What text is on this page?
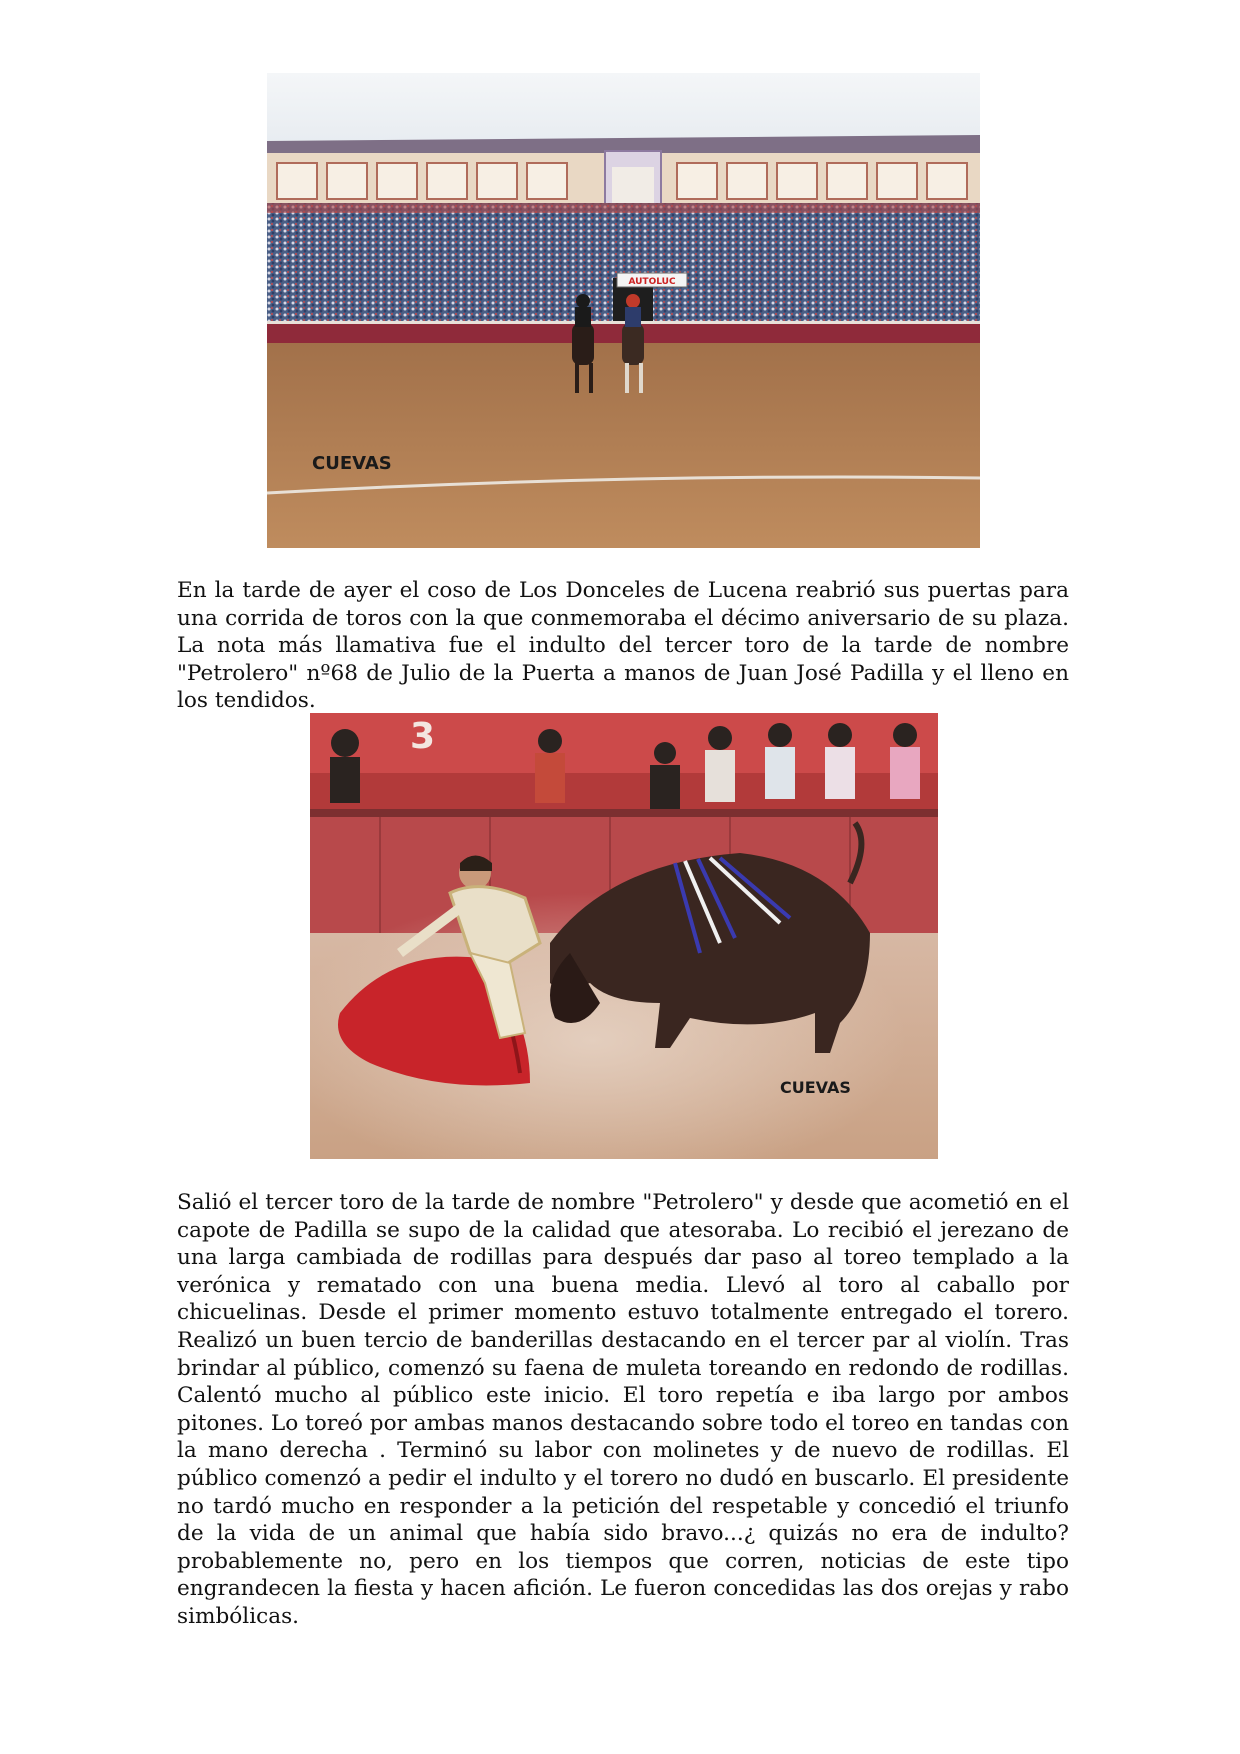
AUTOLUC
CUEVAS

En la tarde de ayer el coso de Los Donceles de Lucena reabrió sus puertas para una corrida de toros con la que conmemoraba el décimo aniversario de su plaza. La nota más llamativa fue el indulto del tercer toro de la tarde de nombre "Petrolero" nº68 de Julio de la Puerta a manos de Juan José Padilla y el lleno en los tendidos.

3
CUEVAS

Salió el tercer toro de la tarde de nombre "Petrolero" y desde que acometió en el capote de Padilla se supo de la calidad que atesoraba. Lo recibió el jerezano de una larga cambiada de rodillas para después dar paso al toreo templado a la verónica y rematado con una buena media. Llevó al toro al caballo por chicuelinas. Desde el primer momento estuvo totalmente entregado el torero. Realizó un buen tercio de banderillas destacando en el tercer par al violín. Tras brindar al público, comenzó su faena de muleta toreando en redondo de rodillas. Calentó mucho al público este inicio. El toro repetía e iba largo por ambos pitones. Lo toreó por ambas manos destacando sobre todo el toreo en tandas con la mano derecha . Terminó su labor con molinetes y de nuevo de rodillas. El público comenzó a pedir el indulto y el torero no dudó en buscarlo. El presidente no tardó mucho en responder a la petición del respetable y concedió el triunfo de la vida de un animal que había sido bravo...¿ quizás no era de indulto? probablemente no, pero en los tiempos que corren, noticias de este tipo engrandecen la fiesta y hacen afición. Le fueron concedidas las dos orejas y rabo simbólicas.
